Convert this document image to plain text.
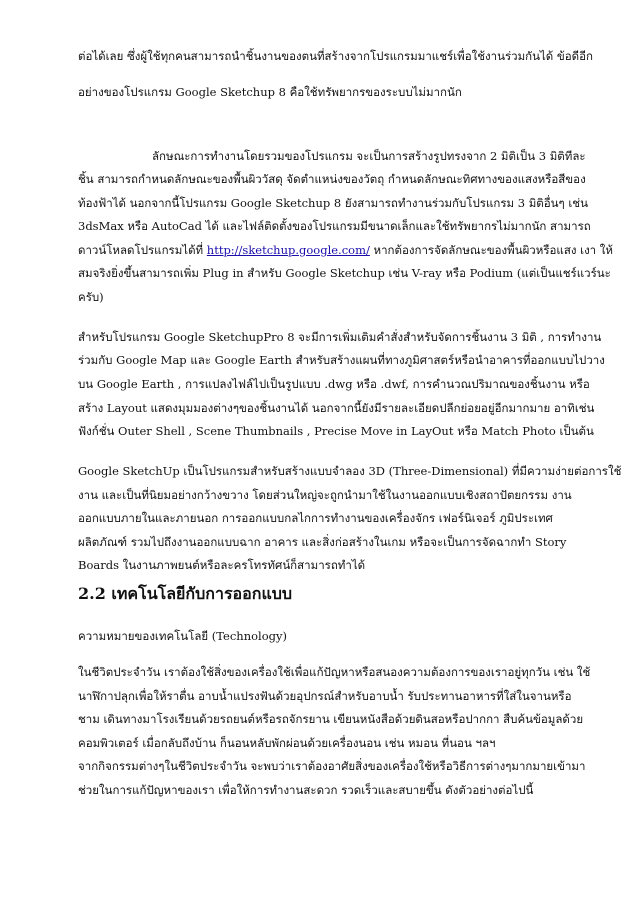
ต่อได้เลย ซึ่งผู้ใช้ทุกคนสามารถนำชิ้นงานของตนที่สร้างจากโปรแกรมมาแชร์เพื่อใช้งานร่วมกันได้ ข้อดีอีก
อย่างของโปรแกรม Google Sketchup 8 คือใช้ทรัพยากรของระบบไม่มากนัก
ลักษณะการทำงานโดยรวมของโปรแกรม จะเป็นการสร้างรูปทรงจาก 2 มิติเป็น 3 มิติทีละ
ชิ้น สามารถกำหนดลักษณะของพื้นผิววัสดุ จัดตำแหน่งของวัตถุ กำหนดลักษณะทิศทางของแสงหรือสีของ
ท้องฟ้าได้ นอกจากนี้โปรแกรม Google Sketchup 8 ยังสามารถทำงานร่วมกับโปรแกรม 3 มิติอื่นๆ เช่น
3dsMax หรือ AutoCad ได้ และไฟล์ติดตั้งของโปรแกรมมีขนาดเล็กและใช้ทรัพยากรไม่มากนัก สามารถ
ดาวน์โหลดโปรแกรมได้ที่ http://sketchup.google.com/ หากต้องการจัดลักษณะของพื้นผิวหรือแสง เงา ให้
สมจริงยิ่งขึ้นสามารถเพิ่ม Plug in สำหรับ Google Sketchup เช่น V-ray หรือ Podium (แต่เป็นแชร์แวร์นะ
ครับ)
สำหรับโปรแกรม Google SketchupPro 8 จะมีการเพิ่มเติมคำสั่งสำหรับจัดการชิ้นงาน 3 มิติ , การทำงาน
ร่วมกับ Google Map และ Google Earth สำหรับสร้างแผนที่ทางภูมิศาสตร์หรือนำอาคารที่ออกแบบไปวาง
บน Google Earth , การแปลงไฟล์ไปเป็นรูปแบบ .dwg หรือ .dwf, การคำนวณปริมาณของชิ้นงาน หรือ
สร้าง Layout แสดงมุมมองต่างๆของชิ้นงานได้ นอกจากนี้ยังมีรายละเอียดปลีกย่อยอยู่อีกมากมาย อาทิเช่น
ฟังก์ชั่น Outer Shell , Scene Thumbnails , Precise Move in LayOut หรือ Match Photo เป็นต้น
Google SketchUp เป็นโปรแกรมสำหรับสร้างแบบจำลอง 3D (Three-Dimensional) ที่มีความง่ายต่อการใช้
งาน และเป็นที่นิยมอย่างกว้างขวาง โดยส่วนใหญ่จะถูกนำมาใช้ในงานออกแบบเชิงสถาปัตยกรรม งาน
ออกแบบภายในและภายนอก การออกแบบกลไกการทำงานของเครื่องจักร เฟอร์นิเจอร์ ภูมิประเทศ
ผลิตภัณฑ์ รวมไปถึงงานออกแบบฉาก อาคาร และสิ่งก่อสร้างในเกม หรือจะเป็นการจัดฉากทำ Story
Boards ในงานภาพยนต์หรือละครโทรทัศน์ก็สามารถทำได้
2.2 เทคโนโลยีกับการออกแบบ
ความหมายของเทคโนโลยี (Technology)
ในชีวิตประจำวัน เราต้องใช้สิ่งของเครื่องใช้เพื่อแก้ปัญหาหรือสนองความต้องการของเราอยู่ทุกวัน เช่น ใช้
นาฬิกาปลุกเพื่อให้ราตื่น อาบน้ำแปรงฟันด้วยอุปกรณ์สำหรับอาบน้ำ รับประทานอาหารที่ใส่ในจานหรือ
ชาม เดินทางมาโรงเรียนด้วยรถยนต์หรือรถจักรยาน เขียนหนังสือด้วยดินสอหรือปากกา สืบค้นข้อมูลด้วย
คอมพิวเตอร์ เมื่อกลับถึงบ้าน ก็นอนหลับพักผ่อนด้วยเครื่องนอน เช่น หมอน ที่นอน ฯลฯ
จากกิจกรรมต่างๆในชีวิตประจำวัน จะพบว่าเราต้องอาศัยสิ่งของเครื่องใช้หรือวิธีการต่างๆมากมายเข้ามา
ช่วยในการแก้ปัญหาของเรา เพื่อให้การทำงานสะดวก รวดเร็วและสบายขึ้น ดังตัวอย่างต่อไปนี้
